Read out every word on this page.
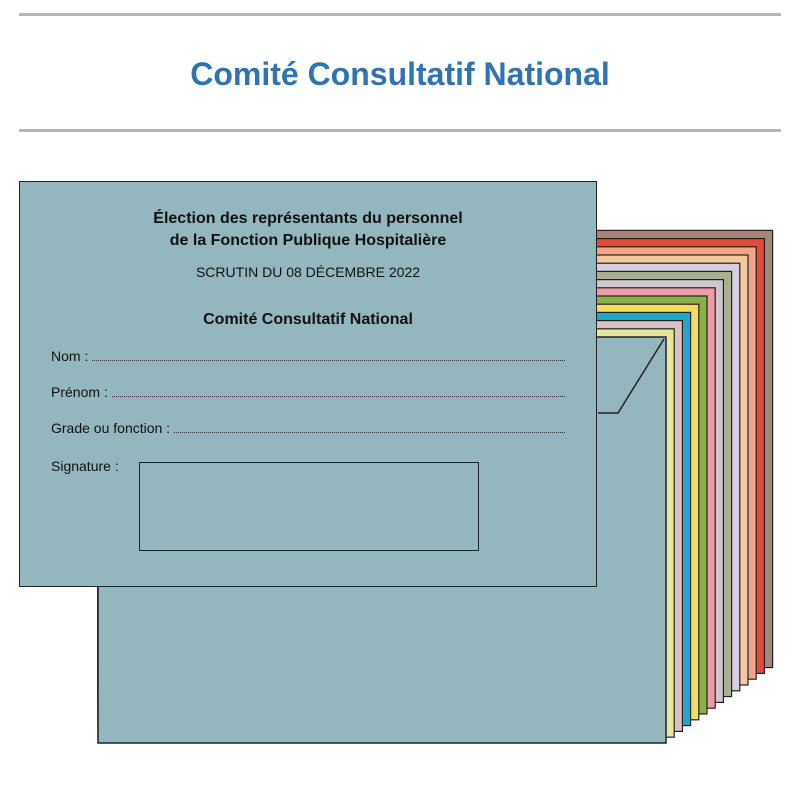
Comité Consultatif National
Élection des représentants du personnel
de la Fonction Publique Hospitalière
SCRUTIN DU 08 DÉCEMBRE 2022
Comité Consultatif National
Nom :
Prénom :
Grade ou fonction :
Signature :
